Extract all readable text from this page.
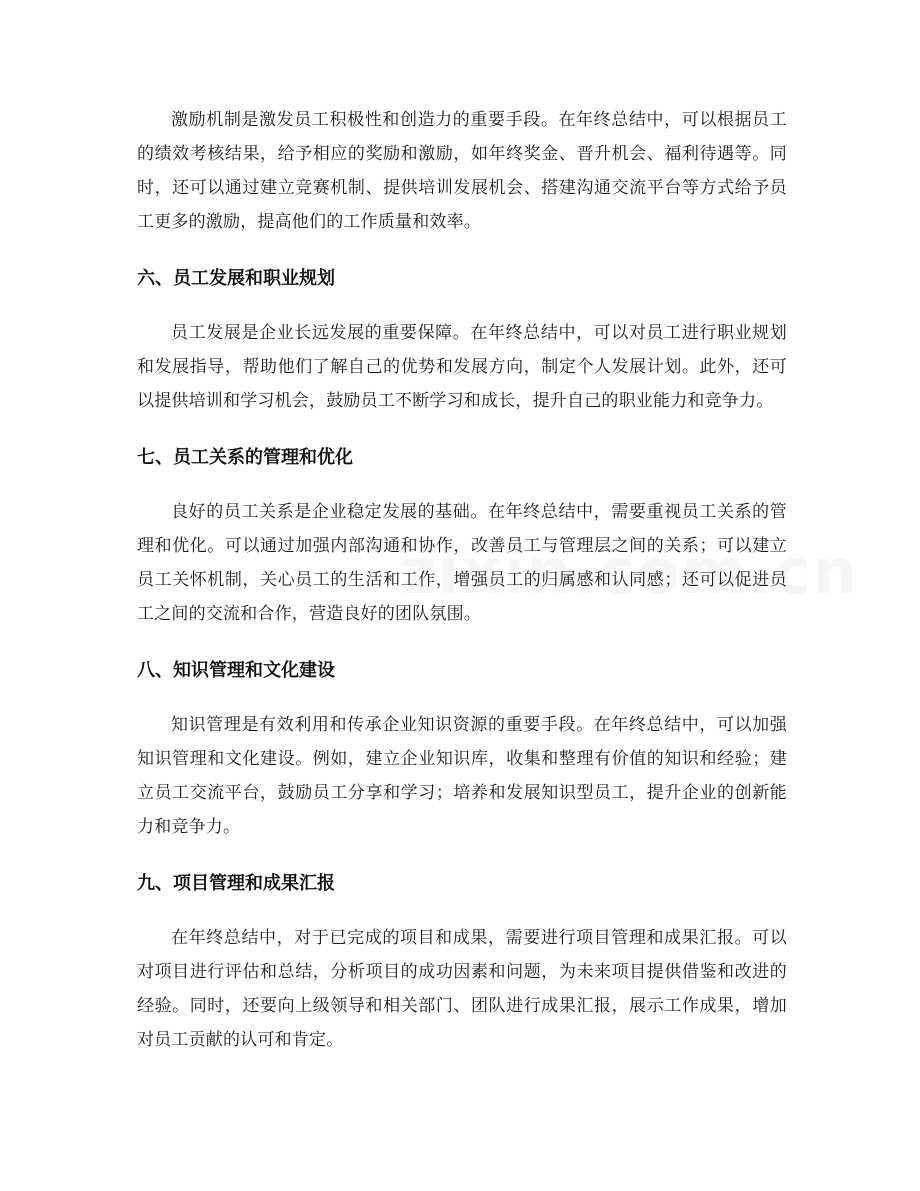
激励机制是激发员工积极性和创造力的重要手段。在年终总结中，可以根据员工的绩效考核结果，给予相应的奖励和激励，如年终奖金、晋升机会、福利待遇等。同时，还可以通过建立竞赛机制、提供培训发展机会、搭建沟通交流平台等方式给予员工更多的激励，提高他们的工作质量和效率。

六、员工发展和职业规划

员工发展是企业长远发展的重要保障。在年终总结中，可以对员工进行职业规划和发展指导，帮助他们了解自己的优势和发展方向，制定个人发展计划。此外，还可以提供培训和学习机会，鼓励员工不断学习和成长，提升自己的职业能力和竞争力。

七、员工关系的管理和优化

良好的员工关系是企业稳定发展的基础。在年终总结中，需要重视员工关系的管理和优化。可以通过加强内部沟通和协作，改善员工与管理层之间的关系；可以建立员工关怀机制，关心员工的生活和工作，增强员工的归属感和认同感；还可以促进员工之间的交流和合作，营造良好的团队氛围。

八、知识管理和文化建设

知识管理是有效利用和传承企业知识资源的重要手段。在年终总结中，可以加强知识管理和文化建设。例如，建立企业知识库，收集和整理有价值的知识和经验；建立员工交流平台，鼓励员工分享和学习；培养和发展知识型员工，提升企业的创新能力和竞争力。

九、项目管理和成果汇报

在年终总结中，对于已完成的项目和成果，需要进行项目管理和成果汇报。可以对项目进行评估和总结，分析项目的成功因素和问题，为未来项目提供借鉴和改进的经验。同时，还要向上级领导和相关部门、团队进行成果汇报，展示工作成果，增加对员工贡献的认可和肯定。
